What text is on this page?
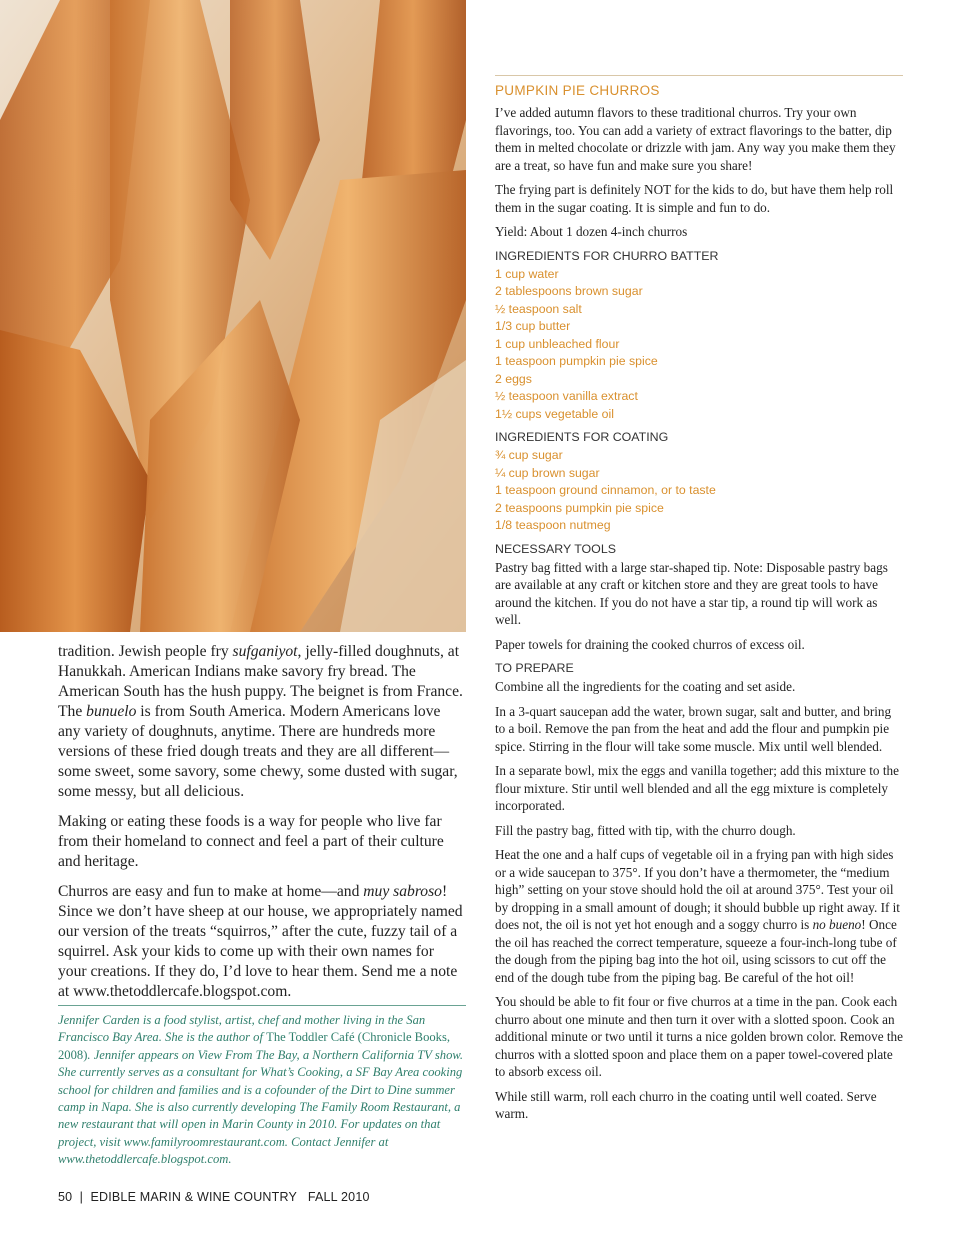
tradition. Jewish people fry sufganiyot, jelly-filled doughnuts, at Hanukkah. American Indians make savory fry bread. The American South has the hush puppy. The beignet is from France. The bunuelo is from South America. Modern Americans love any variety of doughnuts, anytime. There are hundreds more versions of these fried dough treats and they are all different—some sweet, some savory, some chewy, some dusted with sugar, some messy, but all delicious.

Making or eating these foods is a way for people who live far from their homeland to connect and feel a part of their culture and heritage.

Churros are easy and fun to make at home—and muy sabroso! Since we don’t have sheep at our house, we appropriately named our version of the treats “squirros,” after the cute, fuzzy tail of a squirrel. Ask your kids to come up with their own names for your creations. If they do, I’d love to hear them. Send me a note at www.thetoddlercafe.blogspot.com.

Jennifer Carden is a food stylist, artist, chef and mother living in the San Francisco Bay Area. She is the author of The Toddler Café (Chronicle Books, 2008). Jennifer appears on View From The Bay, a Northern California TV show. She currently serves as a consultant for What’s Cooking, a SF Bay Area cooking school for children and families and is a cofounder of the Dirt to Dine summer camp in Napa. She is also currently developing The Family Room Restaurant, a new restaurant that will open in Marin County in 2010. For updates on that project, visit www.familyroomrestaurant.com. Contact Jennifer at www.thetoddlercafe.blogspot.com.

50  |  EDIBLE MARIN & WINE COUNTRY   FALL 2010
PUMPKIN PIE CHURROS

I’ve added autumn flavors to these traditional churros. Try your own flavorings, too. You can add a variety of extract flavorings to the batter, dip them in melted chocolate or drizzle with jam. Any way you make them they are a treat, so have fun and make sure you share!

The frying part is definitely NOT for the kids to do, but have them help roll them in the sugar coating. It is simple and fun to do.

Yield: About 1 dozen 4-inch churros

INGREDIENTS FOR CHURRO BATTER
1 cup water
2 tablespoons brown sugar
½ teaspoon salt
1/3 cup butter
1 cup unbleached flour
1 teaspoon pumpkin pie spice
2 eggs
½ teaspoon vanilla extract
1½ cups vegetable oil
INGREDIENTS FOR COATING
¾ cup sugar
¼ cup brown sugar
1 teaspoon ground cinnamon, or to taste
2 teaspoons pumpkin pie spice
1/8 teaspoon nutmeg
NECESSARY TOOLS

Pastry bag fitted with a large star-shaped tip. Note: Disposable pastry bags are available at any craft or kitchen store and they are great tools to have around the kitchen. If you do not have a star tip, a round tip will work as well.

Paper towels for draining the cooked churros of excess oil.

TO PREPARE

Combine all the ingredients for the coating and set aside.

In a 3-quart saucepan add the water, brown sugar, salt and butter, and bring to a boil. Remove the pan from the heat and add the flour and pumpkin pie spice. Stirring in the flour will take some muscle. Mix until well blended.

In a separate bowl, mix the eggs and vanilla together; add this mixture to the flour mixture. Stir until well blended and all the egg mixture is completely incorporated.

Fill the pastry bag, fitted with tip, with the churro dough.

Heat the one and a half cups of vegetable oil in a frying pan with high sides or a wide saucepan to 375°. If you don’t have a thermometer, the “medium high” setting on your stove should hold the oil at around 375°. Test your oil by dropping in a small amount of dough; it should bubble up right away. If it does not, the oil is not yet hot enough and a soggy churro is no bueno! Once the oil has reached the correct temperature, squeeze a four-inch-long tube of the dough from the piping bag into the hot oil, using scissors to cut off the end of the dough tube from the piping bag. Be careful of the hot oil!

You should be able to fit four or five churros at a time in the pan. Cook each churro about one minute and then turn it over with a slotted spoon. Cook an additional minute or two until it turns a nice golden brown color. Remove the churros with a slotted spoon and place them on a paper towel-covered plate to absorb excess oil.

While still warm, roll each churro in the coating until well coated. Serve warm.
